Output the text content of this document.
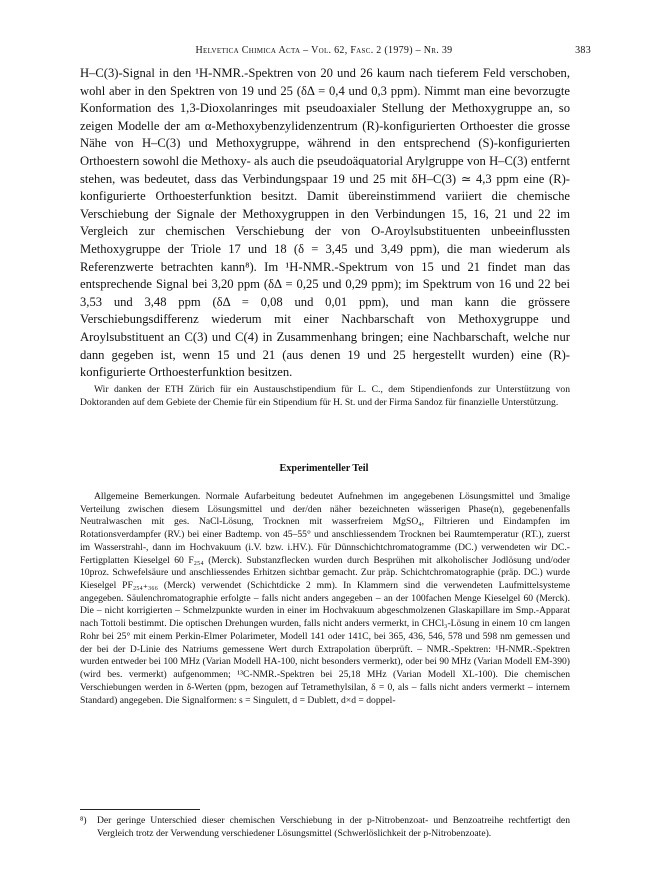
Helvetica Chimica Acta – Vol. 62, Fasc. 2 (1979) – Nr. 39	383

H–C(3)-Signal in den ¹H-NMR.-Spektren von 20 und 26 kaum nach tieferem Feld verschoben, wohl aber in den Spektren von 19 und 25 (δΔ = 0,4 und 0,3 ppm). Nimmt man eine bevorzugte Konformation des 1,3-Dioxolanringes mit pseudoaxialer Stellung der Methoxygruppe an, so zeigen Modelle der am α-Methoxybenzylidenzentrum (R)-konfigurierten Orthoester die grosse Nähe von H–C(3) und Methoxygruppe, während in den entsprechend (S)-konfigurierten Orthoestern sowohl die Methoxy- als auch die pseudoäquatorial Arylgruppe von H–C(3) entfernt stehen, was bedeutet, dass das Verbindungspaar 19 und 25 mit δH–C(3) ≃ 4,3 ppm eine (R)-konfigurierte Orthoesterfunktion besitzt. Damit übereinstimmend variiert die chemische Verschiebung der Signale der Methoxygruppen in den Verbindungen 15, 16, 21 und 22 im Vergleich zur chemischen Verschiebung der von O-Aroylsubstituenten unbeeinflussten Methoxygruppe der Triole 17 und 18 (δ = 3,45 und 3,49 ppm), die man wiederum als Referenzwerte betrachten kann⁸). Im ¹H-NMR.-Spektrum von 15 und 21 findet man das entsprechende Signal bei 3,20 ppm (δΔ = 0,25 und 0,29 ppm); im Spektrum von 16 und 22 bei 3,53 und 3,48 ppm (δΔ = 0,08 und 0,01 ppm), und man kann die grössere Verschiebungsdifferenz wiederum mit einer Nachbarschaft von Methoxygruppe und Aroylsubstituent an C(3) und C(4) in Zusammenhang bringen; eine Nachbarschaft, welche nur dann gegeben ist, wenn 15 und 21 (aus denen 19 und 25 hergestellt wurden) eine (R)-konfigurierte Orthoesterfunktion besitzen.

Wir danken der ETH Zürich für ein Austauschstipendium für L. C., dem Stipendienfonds zur Unterstützung von Doktoranden auf dem Gebiete der Chemie für ein Stipendium für H. St. und der Firma Sandoz für finanzielle Unterstützung.

Experimenteller Teil

Allgemeine Bemerkungen. Normale Aufarbeitung bedeutet Aufnehmen im angegebenen Lösungsmittel und 3malige Verteilung zwischen diesem Lösungsmittel und der/den näher bezeichneten wässerigen Phase(n), gegebenenfalls Neutralwaschen mit ges. NaCl-Lösung, Trocknen mit wasserfreiem MgSO₄, Filtrieren und Eindampfen im Rotationsverdampfer (RV.) bei einer Badtemp. von 45–55° und anschliessendem Trocknen bei Raumtemperatur (RT.), zuerst im Wasserstrahl-, dann im Hochvakuum (i.V. bzw. i.HV.). Für Dünnschichtchromatogramme (DC.) verwendeten wir DC.-Fertigplatten Kieselgel 60 F₂₅₄ (Merck). Substanzflecken wurden durch Besprühen mit alkoholischer Jodlösung und/oder 10proz. Schwefelsäure und anschliessendes Erhitzen sichtbar gemacht. Zur präp. Schichtchromatographie (präp. DC.) wurde Kieselgel PF₂₅₄₊₃₆₆ (Merck) verwendet (Schichtdicke 2 mm). In Klammern sind die verwendeten Laufmittelsysteme angegeben. Säulenchromatographie erfolgte – falls nicht anders angegeben – an der 100fachen Menge Kieselgel 60 (Merck). Die – nicht korrigierten – Schmelzpunkte wurden in einer im Hochvakuum abgeschmolzenen Glaskapillare im Smp.-Apparat nach Tottoli bestimmt. Die optischen Drehungen wurden, falls nicht anders vermerkt, in CHCl₃-Lösung in einem 10 cm langen Rohr bei 25° mit einem Perkin-Elmer Polarimeter, Modell 141 oder 141C, bei 365, 436, 546, 578 und 598 nm gemessen und der bei der D-Linie des Natriums gemessene Wert durch Extrapolation überprüft. – NMR.-Spektren: ¹H-NMR.-Spektren wurden entweder bei 100 MHz (Varian Modell HA-100, nicht besonders vermerkt), oder bei 90 MHz (Varian Modell EM-390) (wird bes. vermerkt) aufgenommen; ¹³C-NMR.-Spektren bei 25,18 MHz (Varian Modell XL-100). Die chemischen Verschiebungen werden in δ-Werten (ppm, bezogen auf Tetramethylsilan, δ = 0, als – falls nicht anders vermerkt – internem Standard) angegeben. Die Signalformen: s = Singulett, d = Dublett, d×d = doppel-

⁸)	Der geringe Unterschied dieser chemischen Verschiebung in der p-Nitrobenzoat- und Benzoatreihe rechtfertigt den Vergleich trotz der Verwendung verschiedener Lösungsmittel (Schwerlöslichkeit der p-Nitrobenzoate).
